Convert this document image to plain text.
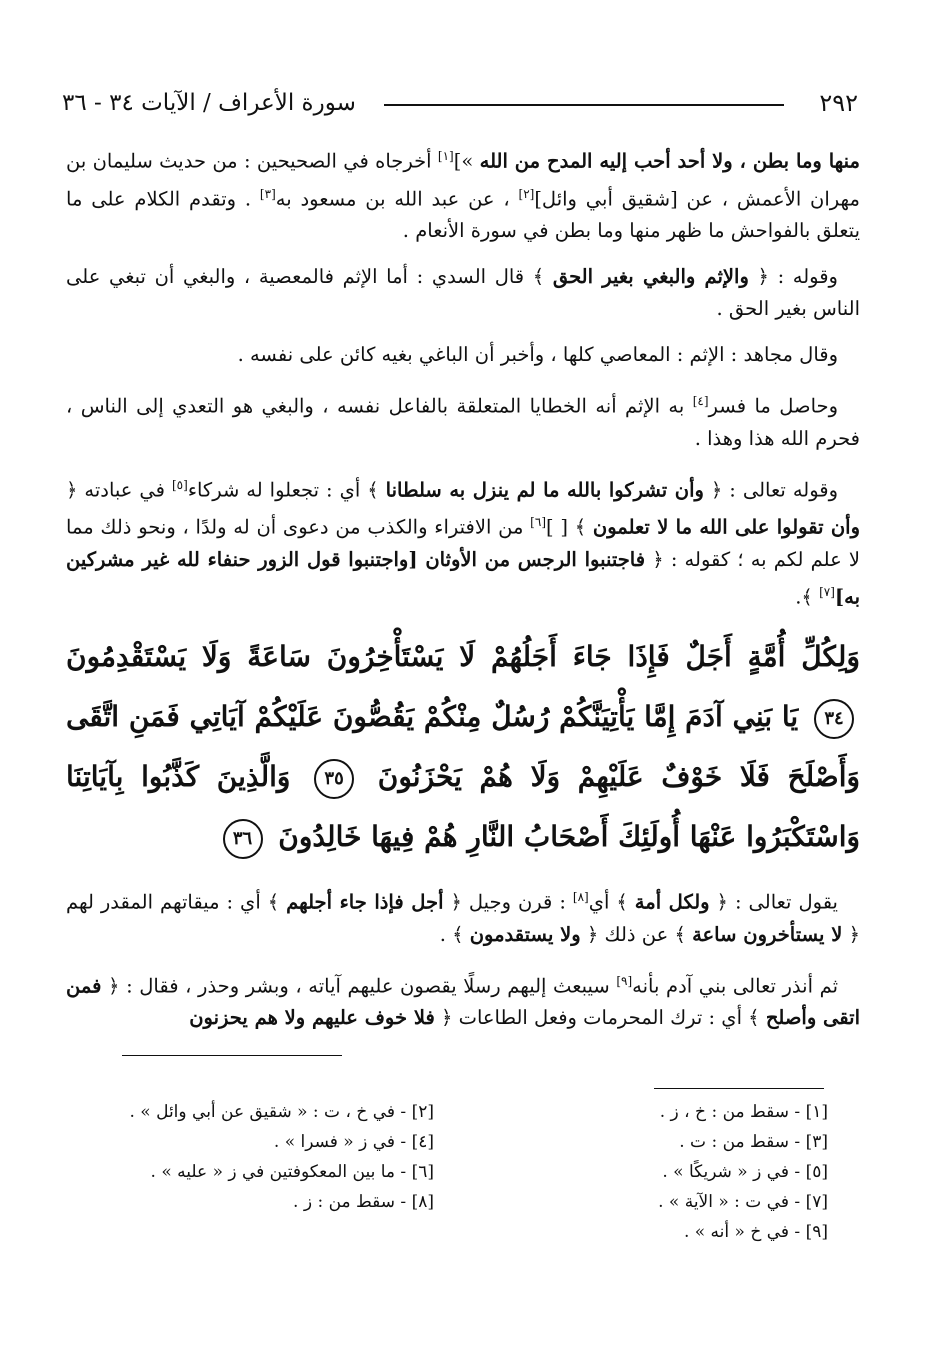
٢٩٢
سورة الأعراف / الآيات ٣٤ - ٣٦

منها وما بطن ، ولا أحد أحب إليه المدح من الله »][١] أخرجاه في الصحيحين : من حديث سليمان بن مهران الأعمش ، عن [شقيق أبي وائل][٢] ، عن عبد الله بن مسعود به[٣] . وتقدم الكلام على ما يتعلق بالفواحش ما ظهر منها وما بطن في سورة الأنعام .

وقوله : ﴿ والإثم والبغي بغير الحق ﴾ قال السدي : أما الإثم فالمعصية ، والبغي أن تبغي على الناس بغير الحق .

وقال مجاهد : الإثم : المعاصي كلها ، وأخبر أن الباغي بغيه كائن على نفسه .

وحاصل ما فسر[٤] به الإثم أنه الخطايا المتعلقة بالفاعل نفسه ، والبغي هو التعدي إلى الناس ، فحرم الله هذا وهذا .

وقوله تعالى : ﴿ وأن تشركوا بالله ما لم ينزل به سلطانا ﴾ أي : تجعلوا له شركاء[٥] في عبادته ﴿ وأن تقولوا على الله ما لا تعلمون ﴾ [ ][٦] من الافتراء والكذب من دعوى أن له ولدًا ، ونحو ذلك مما لا علم لكم به ؛ كقوله : ﴿ فاجتنبوا الرجس من الأوثان [واجتنبوا قول الزور حنفاء لله غير مشركين به][٧] ﴾.

وَلِكُلِّ أُمَّةٍ أَجَلٌ فَإِذَا جَاءَ أَجَلُهُمْ لَا يَسْتَأْخِرُونَ سَاعَةً وَلَا يَسْتَقْدِمُونَ ٣٤ يَا بَنِي آدَمَ إِمَّا يَأْتِيَنَّكُمْ رُسُلٌ مِنْكُمْ يَقُصُّونَ عَلَيْكُمْ آيَاتِي فَمَنِ اتَّقَى وَأَصْلَحَ فَلَا خَوْفٌ عَلَيْهِمْ وَلَا هُمْ يَحْزَنُونَ ٣٥ وَالَّذِينَ كَذَّبُوا بِآيَاتِنَا وَاسْتَكْبَرُوا عَنْهَا أُولَئِكَ أَصْحَابُ النَّارِ هُمْ فِيهَا خَالِدُونَ ٣٦

يقول تعالى : ﴿ ولكل أمة ﴾ أي[٨] : قرن وجيل ﴿ أجل فإذا جاء أجلهم ﴾ أي : ميقاتهم المقدر لهم ﴿ لا يستأخرون ساعة ﴾ عن ذلك ﴿ ولا يستقدمون ﴾ .

ثم أنذر تعالى بني آدم بأنه[٩] سيبعث إليهم رسلًا يقصون عليهم آياته ، وبشر وحذر ، فقال : ﴿ فمن اتقى وأصلح ﴾ أي : ترك المحرمات وفعل الطاعات ﴿ فلا خوف عليهم ولا هم يحزنون

[١] - سقط من : خ ، ز .
[٢] - في خ ، ت : « شقيق عن أبي وائل » .
[٣] - سقط من : ت .
[٤] - في ز « فسرا » .
[٥] - في ز « شريكًا » .
[٦] - ما بين المعكوفتين في ز « عليه » .
[٧] - في ت : « الآية » .
[٨] - سقط من : ز .
[٩] - في خ « أنه » .
